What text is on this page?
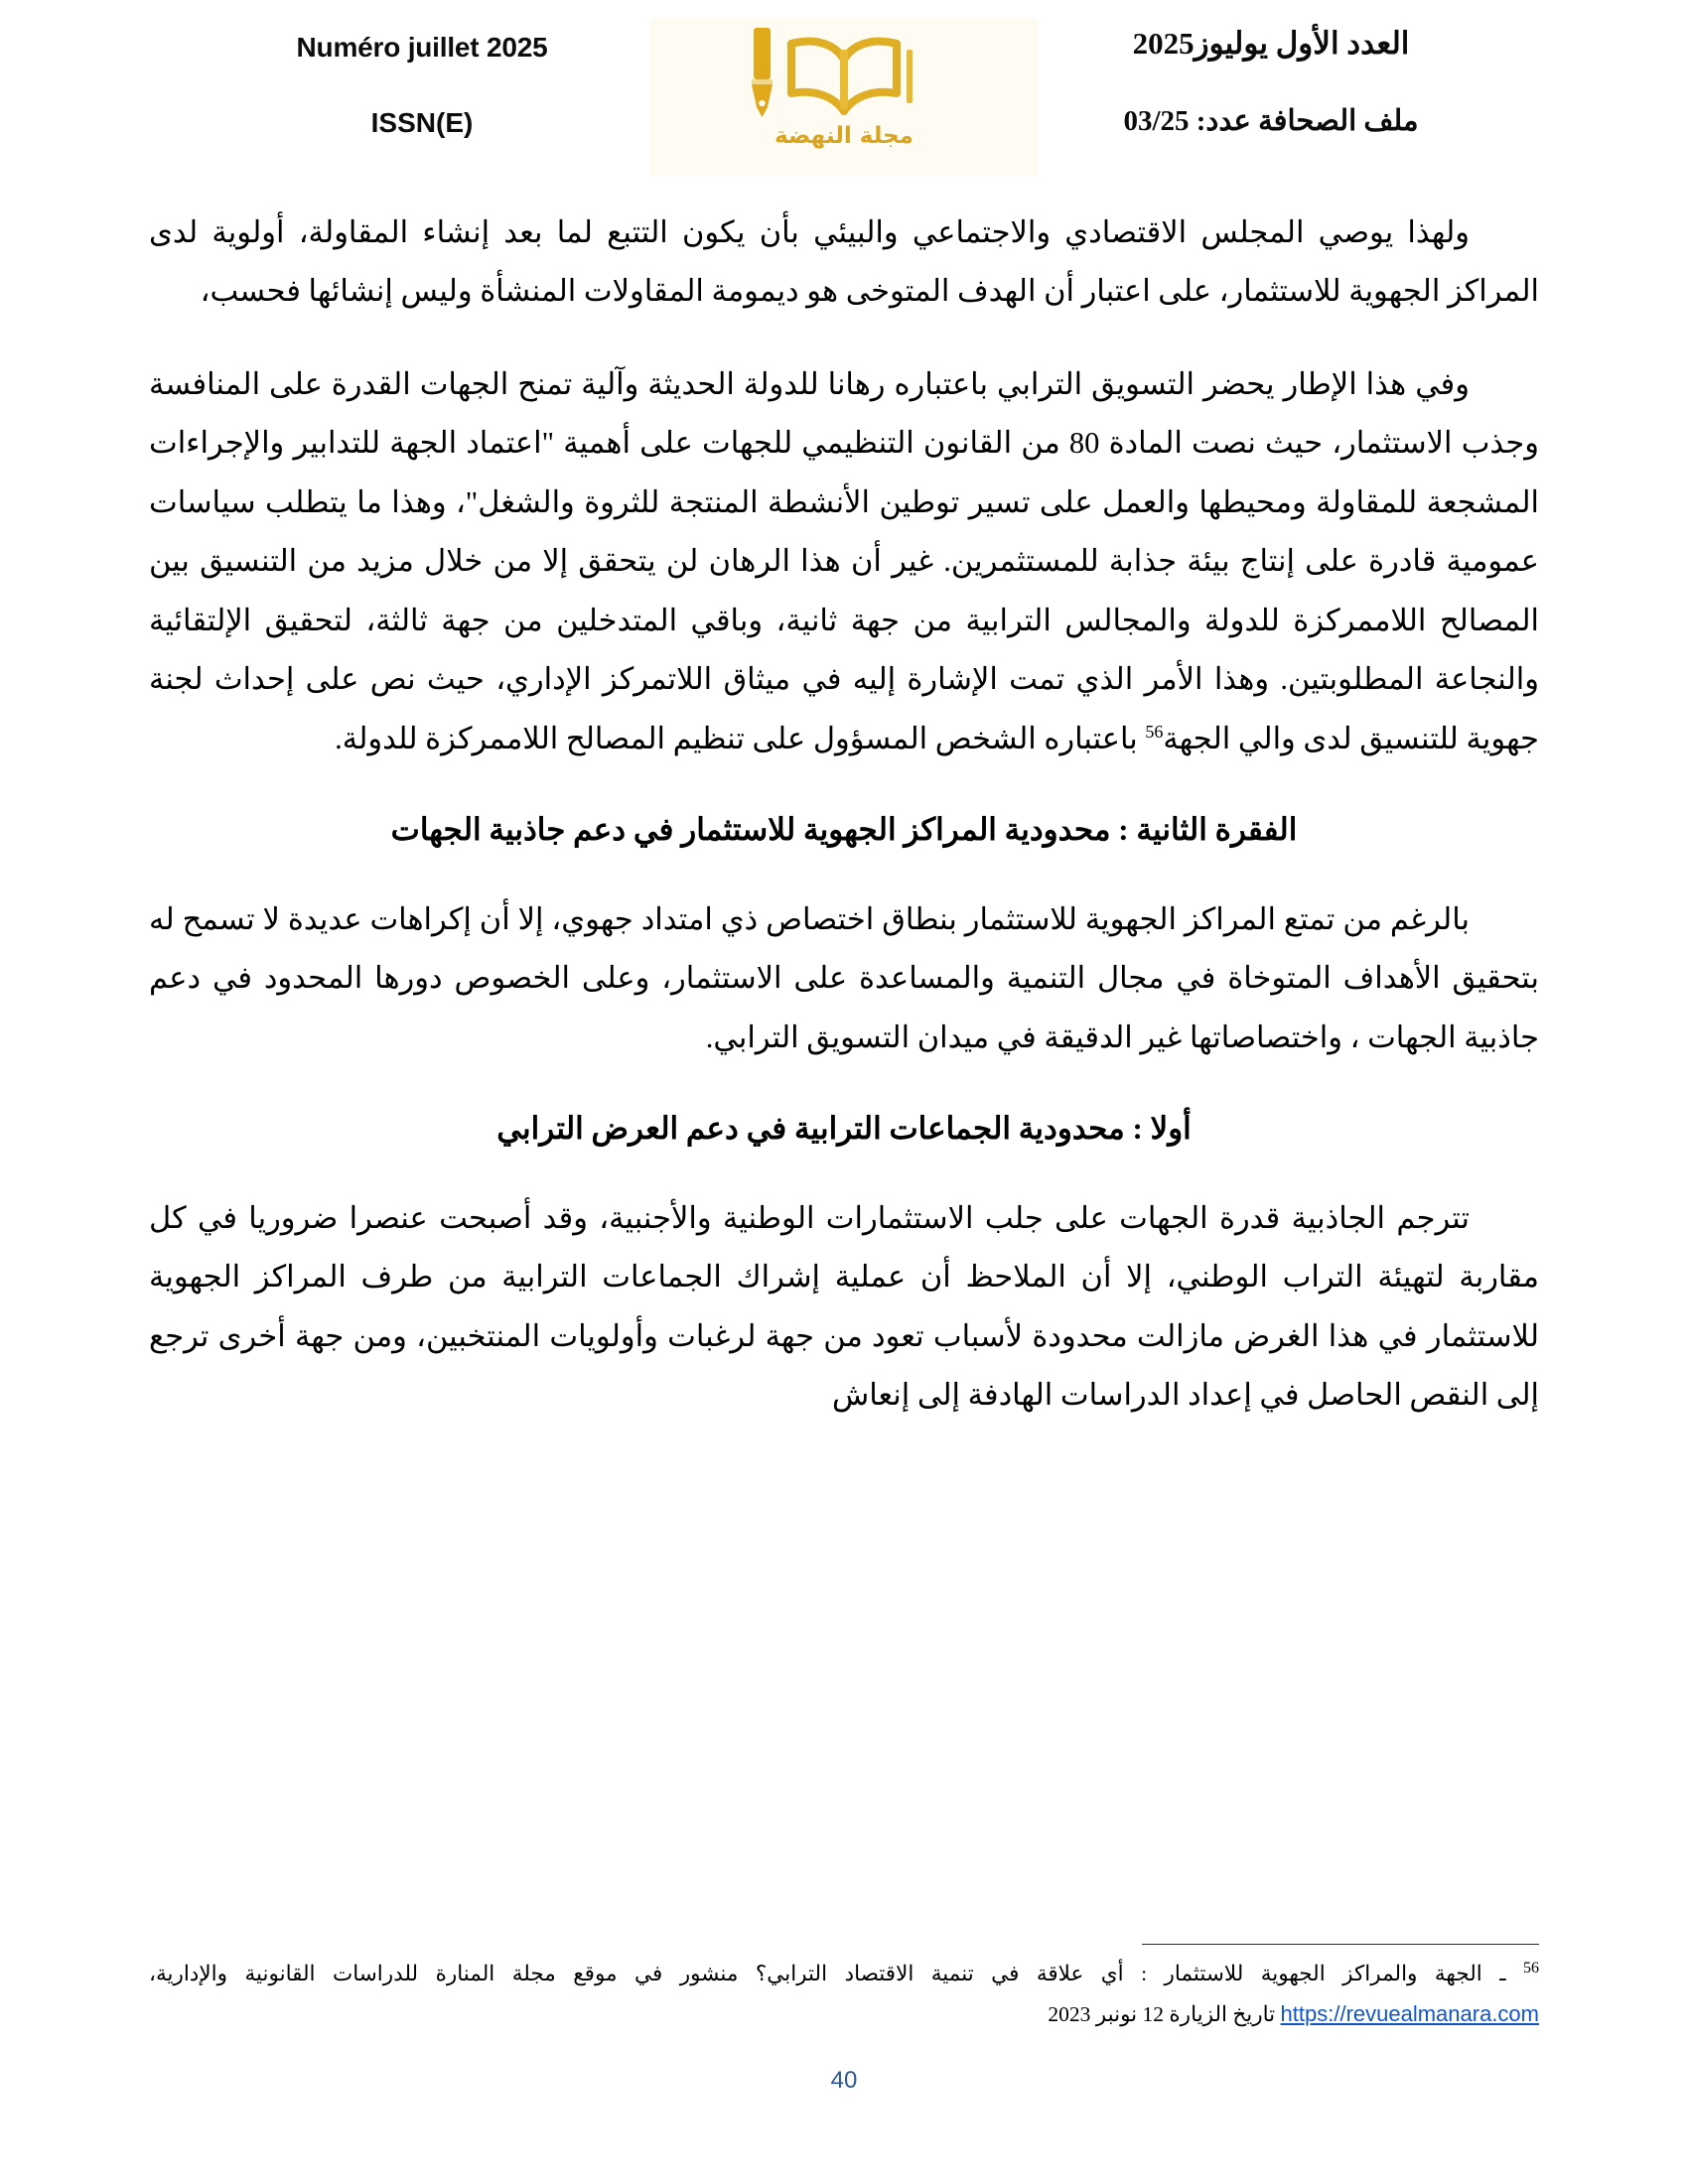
Numéro juillet 2025
ISSN(E)	مجلة النهضة
العدد الأول يوليوز2025
ملف الصحافة عدد: 03/25

ولهذا يوصي المجلس الاقتصادي والاجتماعي والبيئي بأن يكون التتبع لما بعد إنشاء المقاولة، أولوية لدى المراكز الجهوية للاستثمار، على اعتبار أن الهدف المتوخى هو ديمومة المقاولات المنشأة وليس إنشائها فحسب،

وفي هذا الإطار يحضر التسويق الترابي باعتباره رهانا للدولة الحديثة وآلية تمنح الجهات القدرة على المنافسة وجذب الاستثمار، حيث نصت المادة 80 من القانون التنظيمي للجهات على أهمية "اعتماد الجهة للتدابير والإجراءات المشجعة للمقاولة ومحيطها والعمل على تسير توطين الأنشطة المنتجة للثروة والشغل"، وهذا ما يتطلب سياسات عمومية قادرة على إنتاج بيئة جذابة للمستثمرين. غير أن هذا الرهان لن يتحقق إلا من خلال مزيد من التنسيق بين المصالح اللاممركزة للدولة والمجالس الترابية من جهة ثانية، وباقي المتدخلين من جهة ثالثة، لتحقيق الإلتقائية والنجاعة المطلوبتين. وهذا الأمر الذي تمت الإشارة إليه في ميثاق اللاتمركز الإداري، حيث نص على إحداث لجنة جهوية للتنسيق لدى والي الجهة$^{56}$ باعتباره الشخص المسؤول على تنظيم المصالح اللاممركزة للدولة.

الفقرة الثانية : محدودية المراكز الجهوية للاستثمار في دعم جاذبية الجهات

بالرغم من تمتع المراكز الجهوية للاستثمار بنطاق اختصاص ذي امتداد جهوي، إلا أن إكراهات عديدة لا تسمح له بتحقيق الأهداف المتوخاة في مجال التنمية والمساعدة على الاستثمار، وعلى الخصوص دورها المحدود في دعم جاذبية الجهات ، واختصاصاتها غير الدقيقة في ميدان التسويق الترابي.

أولا : محدودية الجماعات الترابية في دعم العرض الترابي

تترجم الجاذبية قدرة الجهات على جلب الاستثمارات الوطنية والأجنبية، وقد أصبحت عنصرا ضروريا في كل مقاربة لتهيئة التراب الوطني، إلا أن الملاحظ أن عملية إشراك الجماعات الترابية من طرف المراكز الجهوية للاستثمار في هذا الغرض مازالت محدودة لأسباب تعود من جهة لرغبات وأولويات المنتخبين، ومن جهة أخرى ترجع إلى النقص الحاصل في إعداد الدراسات الهادفة إلى إنعاش

$^{56}$ ـ الجهة والمراكز الجهوية للاستثمار : أي علاقة في تنمية الاقتصاد الترابي؟ منشور في موقع مجلة المنارة للدراسات القانونية والإدارية، https://revuealmanara.com تاريخ الزيارة 12 نونبر 2023

40
